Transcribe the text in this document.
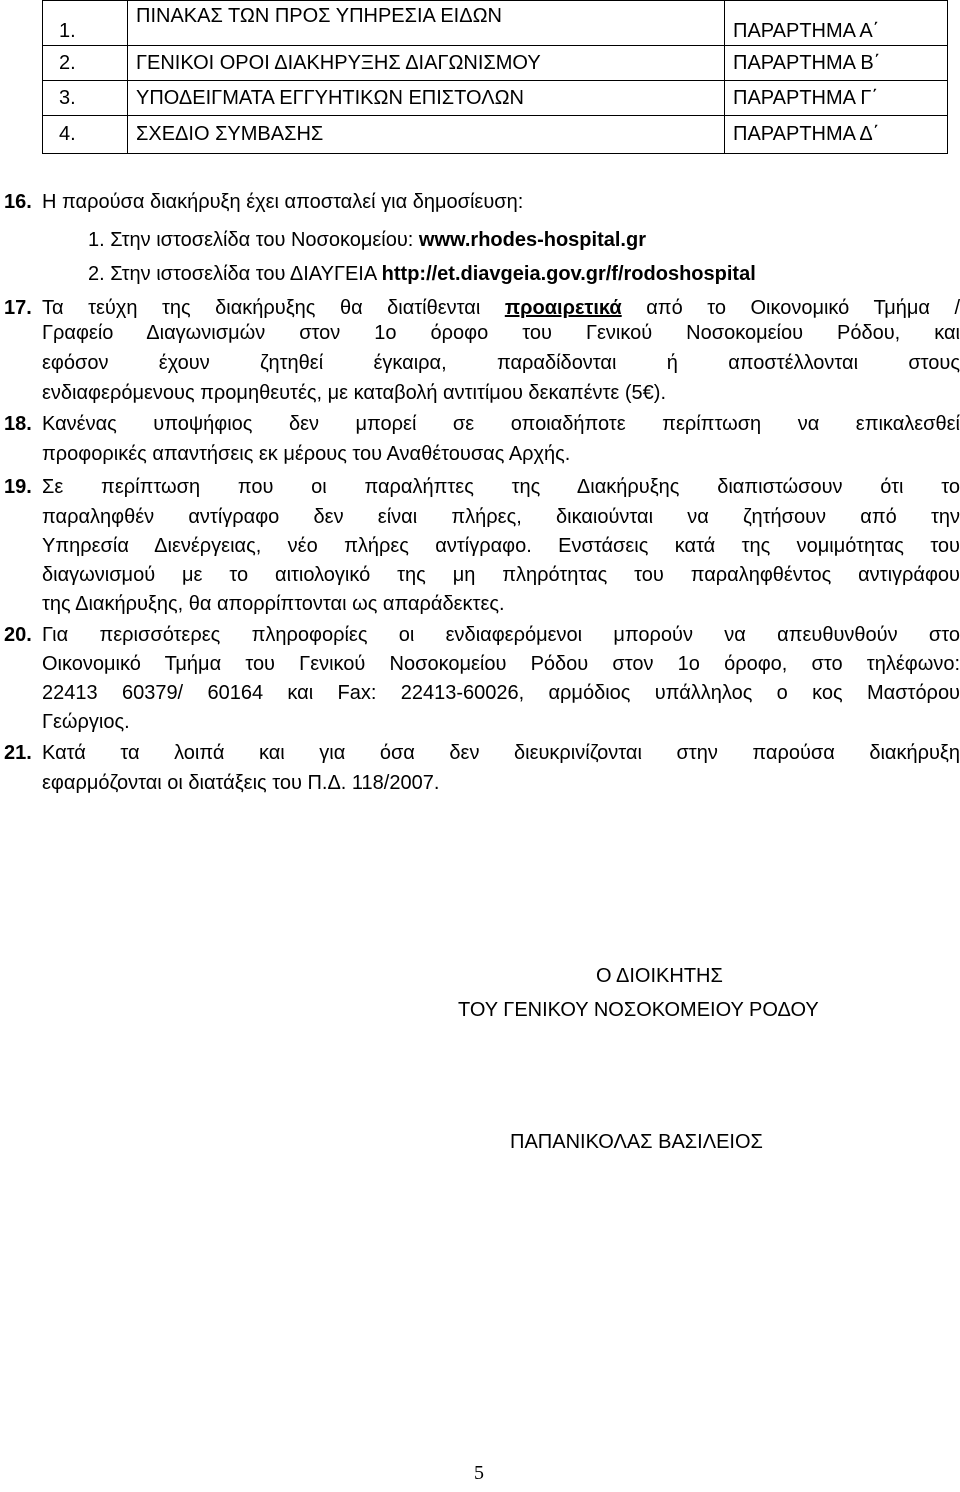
1.	ΠΙΝΑΚΑΣ ΤΩΝ ΠΡΟΣ ΥΠΗΡΕΣΙΑ ΕΙΔΩΝ	ΠΑΡΑΡΤΗΜΑ Α΄
2.	ΓΕΝΙΚΟΙ ΟΡΟΙ ΔΙΑΚΗΡΥΞΗΣ ΔΙΑΓΩΝΙΣΜΟΥ	ΠΑΡΑΡΤΗΜΑ Β΄
3.	ΥΠΟΔΕΙΓΜΑΤΑ ΕΓΓΥΗΤΙΚΩΝ ΕΠΙΣΤΟΛΩΝ	ΠΑΡΑΡΤΗΜΑ Γ΄
4.	ΣΧΕΔΙΟ ΣΥΜΒΑΣΗΣ	ΠΑΡΑΡΤΗΜΑ Δ΄
16. Η παρούσα διακήρυξη έχει αποσταλεί για δημοσίευση:
1. Στην ιστοσελίδα του Νοσοκομείου: www.rhodes-hospital.gr
2. Στην ιστοσελίδα του ΔΙΑΥΓΕΙΑ http://et.diavgeia.gov.gr/f/rodoshospital
17. Τα τεύχη της διακήρυξης θα διατίθενται προαιρετικά από το Οικονομικό Τμήμα /
Γραφείο Διαγωνισμών στον 1ο όροφο του Γενικού Νοσοκομείου Ρόδου, και
εφόσον έχουν ζητηθεί έγκαιρα, παραδίδονται ή αποστέλλονται στους
ενδιαφερόμενους προμηθευτές, με καταβολή αντιτίμου δεκαπέντε (5€).
18. Κανένας υποψήφιος δεν μπορεί σε οποιαδήποτε περίπτωση να επικαλεσθεί
προφορικές απαντήσεις εκ μέρους του Αναθέτουσας Αρχής.
19. Σε περίπτωση που οι παραλήπτες της Διακήρυξης διαπιστώσουν ότι το
παραληφθέν αντίγραφο δεν είναι πλήρες, δικαιούνται να ζητήσουν από την
Υπηρεσία Διενέργειας, νέο πλήρες αντίγραφο. Ενστάσεις κατά της νομιμότητας του
διαγωνισμού με το αιτιολογικό της μη πληρότητας του παραληφθέντος αντιγράφου
της Διακήρυξης, θα απορρίπτονται ως απαράδεκτες.
20. Για περισσότερες πληροφορίες οι ενδιαφερόμενοι μπορούν να απευθυνθούν στο
Οικονομικό Τμήμα του Γενικού Νοσοκομείου Ρόδου στον 1ο όροφο, στο τηλέφωνο:
22413 60379/ 60164 και Fax: 22413-60026, αρμόδιος υπάλληλος ο κος Μαστόρου
Γεώργιος.
21. Κατά τα λοιπά και για όσα δεν διευκρινίζονται στην παρούσα διακήρυξη
εφαρμόζονται οι διατάξεις του Π.Δ. 118/2007.
Ο ΔΙΟΙΚΗΤΗΣ
ΤΟΥ ΓΕΝΙΚΟΥ ΝΟΣΟΚΟΜΕΙΟΥ ΡΟΔΟΥ
ΠΑΠΑΝΙΚΟΛΑΣ ΒΑΣΙΛΕΙΟΣ
5
